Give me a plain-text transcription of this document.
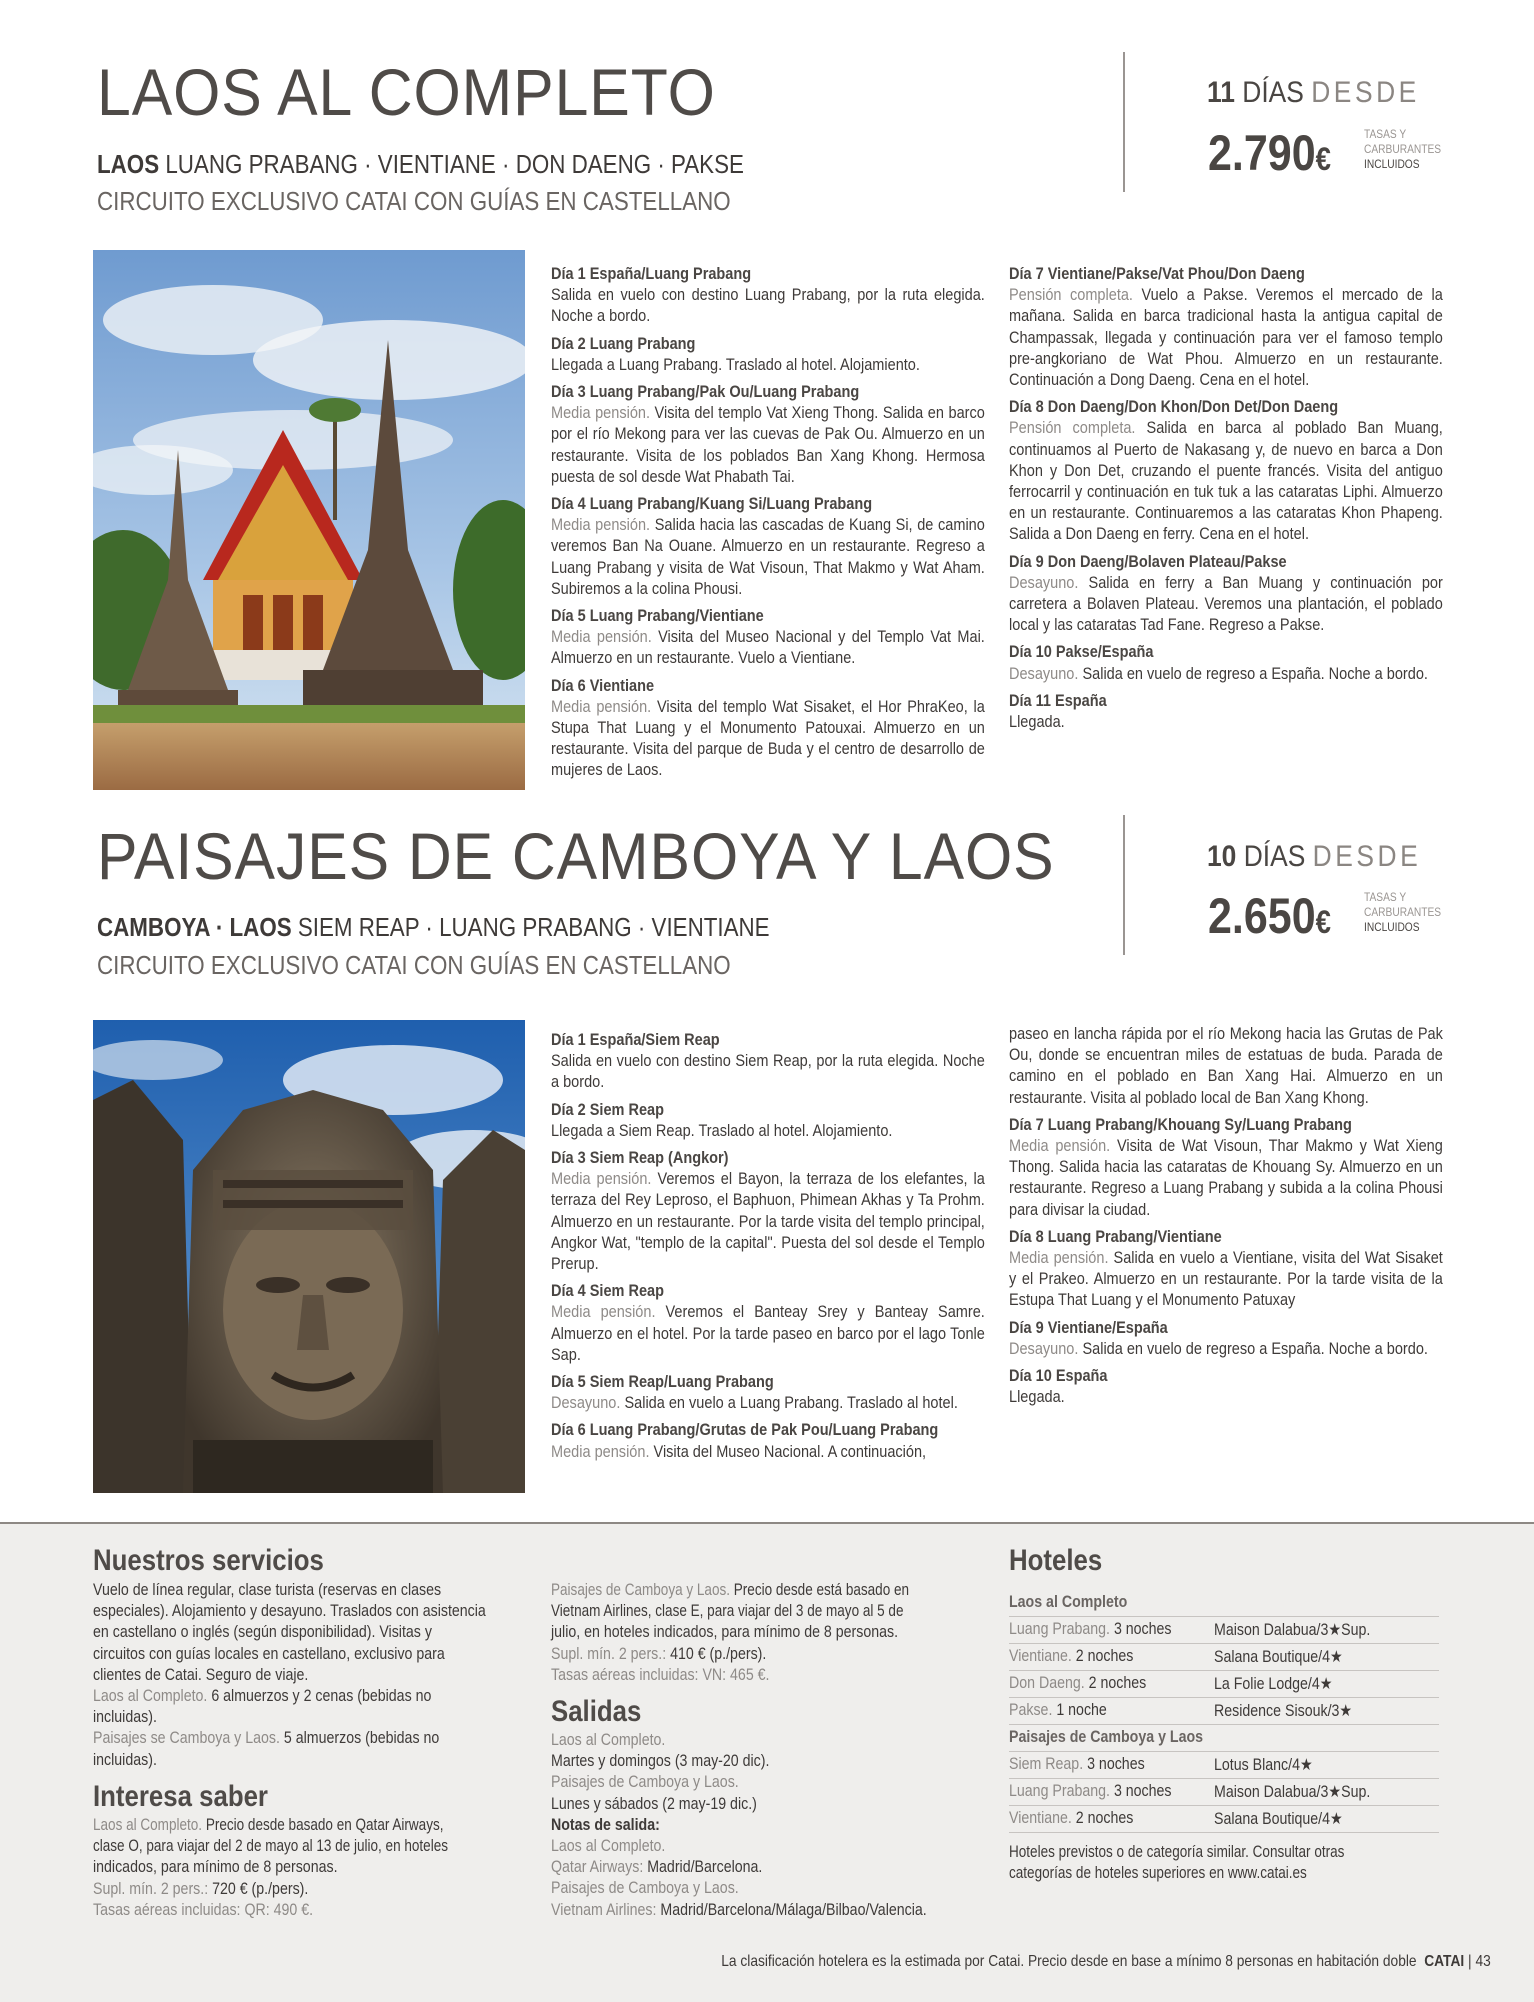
LAOS AL COMPLETO
LAOS LUANG PRABANG · VIENTIANE · DON DAENG · PAKSE
CIRCUITO EXCLUSIVO CATAI CON GUÍAS EN CASTELLANO
11 DÍAS DESDE
2.790€
TASAS Y
CARBURANTES
INCLUIDOS
Día 1 España/Luang Prabang
Salida en vuelo con destino Luang Prabang, por la ruta elegida. Noche a bordo.
Día 2 Luang Prabang
Llegada a Luang Prabang. Traslado al hotel. Alojamiento.
Día 3 Luang Prabang/Pak Ou/Luang Prabang
Media pensión. Visita del templo Vat Xieng Thong. Salida en barco por el río Mekong para ver las cuevas de Pak Ou. Almuerzo en un restaurante. Visita de los poblados Ban Xang Khong. Hermosa puesta de sol desde Wat Phabath Tai.
Día 4 Luang Prabang/Kuang Si/Luang Prabang
Media pensión. Salida hacia las cascadas de Kuang Si, de camino veremos Ban Na Ouane. Almuerzo en un restaurante. Regreso a Luang Prabang y visita de Wat Visoun, That Makmo y Wat Aham. Subiremos a la colina Phousi.
Día 5 Luang Prabang/Vientiane
Media pensión. Visita del Museo Nacional y del Templo Vat Mai. Almuerzo en un restaurante. Vuelo a Vientiane.
Día 6 Vientiane
Media pensión. Visita del templo Wat Sisaket, el Hor PhraKeo, la Stupa That Luang y el Monumento Patouxai. Almuerzo en un restaurante. Visita del parque de Buda y el centro de desarrollo de mujeres de Laos.
Día 7 Vientiane/Pakse/Vat Phou/Don Daeng
Pensión completa. Vuelo a Pakse. Veremos el mercado de la mañana. Salida en barca tradicional hasta la antigua capital de Champassak, llegada y continuación para ver el famoso templo pre-angkoriano de Wat Phou. Almuerzo en un restaurante. Continuación a Dong Daeng. Cena en el hotel.
Día 8 Don Daeng/Don Khon/Don Det/Don Daeng
Pensión completa. Salida en barca al poblado Ban Muang, continuamos al Puerto de Nakasang y, de nuevo en barca a Don Khon y Don Det, cruzando el puente francés. Visita del antiguo ferrocarril y continuación en tuk tuk a las cataratas Liphi. Almuerzo en un restaurante. Continuaremos a las cataratas Khon Phapeng. Salida a Don Daeng en ferry. Cena en el hotel.
Día 9 Don Daeng/Bolaven Plateau/Pakse
Desayuno. Salida en ferry a Ban Muang y continuación por carretera a Bolaven Plateau. Veremos una plantación, el poblado local y las cataratas Tad Fane. Regreso a Pakse.
Día 10 Pakse/España
Desayuno. Salida en vuelo de regreso a España. Noche a bordo.
Día 11 España
Llegada.
PAISAJES DE CAMBOYA Y LAOS
CAMBOYA · LAOS SIEM REAP · LUANG PRABANG · VIENTIANE
CIRCUITO EXCLUSIVO CATAI CON GUÍAS EN CASTELLANO
10 DÍAS DESDE
2.650€
TASAS Y
CARBURANTES
INCLUIDOS
Día 1 España/Siem Reap
Salida en vuelo con destino Siem Reap, por la ruta elegida. Noche a bordo.
Día 2 Siem Reap
Llegada a Siem Reap. Traslado al hotel. Alojamiento.
Día 3 Siem Reap (Angkor)
Media pensión. Veremos el Bayon, la terraza de los elefantes, la terraza del Rey Leproso, el Baphuon, Phimean Akhas y Ta Prohm. Almuerzo en un restaurante. Por la tarde visita del templo principal, Angkor Wat, "templo de la capital". Puesta del sol desde el Templo Prerup.
Día 4 Siem Reap
Media pensión. Veremos el Banteay Srey y Banteay Samre. Almuerzo en el hotel. Por la tarde paseo en barco por el lago Tonle Sap.
Día 5 Siem Reap/Luang Prabang
Desayuno. Salida en vuelo a Luang Prabang. Traslado al hotel.
Día 6 Luang Prabang/Grutas de Pak Pou/Luang Prabang
Media pensión. Visita del Museo Nacional. A continuación,
paseo en lancha rápida por el río Mekong hacia las Grutas de Pak Ou, donde se encuentran miles de estatuas de buda. Parada de camino en el poblado en Ban Xang Hai. Almuerzo en un restaurante. Visita al poblado local de Ban Xang Khong.
Día 7 Luang Prabang/Khouang Sy/Luang Prabang
Media pensión. Visita de Wat Visoun, Thar Makmo y Wat Xieng Thong. Salida hacia las cataratas de Khouang Sy. Almuerzo en un restaurante. Regreso a Luang Prabang y subida a la colina Phousi para divisar la ciudad.
Día 8 Luang Prabang/Vientiane
Media pensión. Salida en vuelo a Vientiane, visita del Wat Sisaket y el Prakeo. Almuerzo en un restaurante. Por la tarde visita de la Estupa That Luang y el Monumento Patuxay
Día 9 Vientiane/España
Desayuno. Salida en vuelo de regreso a España. Noche a bordo.
Día 10 España
Llegada.
Nuestros servicios
Vuelo de línea regular, clase turista (reservas en clases
especiales). Alojamiento y desayuno. Traslados con asistencia
en castellano o inglés (según disponibilidad). Visitas y
circuitos con guías locales en castellano, exclusivo para
clientes de Catai. Seguro de viaje.
Laos al Completo. 6 almuerzos y 2 cenas (bebidas no
incluidas).
Paisajes se Camboya y Laos. 5 almuerzos (bebidas no
incluidas).
Interesa saber
Laos al Completo. Precio desde basado en Qatar Airways,
clase O, para viajar del 2 de mayo al 13 de julio, en hoteles
indicados, para mínimo de 8 personas.
Supl. mín. 2 pers.: 720 € (p./pers).
Tasas aéreas incluidas: QR: 490 €.
Paisajes de Camboya y Laos. Precio desde está basado en
Vietnam Airlines, clase E, para viajar del 3 de mayo al 5 de
julio, en hoteles indicados, para mínimo de 8 personas.
Supl. mín. 2 pers.: 410 € (p./pers).
Tasas aéreas incluidas: VN: 465 €.
Salidas
Laos al Completo.
Martes y domingos (3 may-20 dic).
Paisajes de Camboya y Laos.
Lunes y sábados (2 may-19 dic.)
Notas de salida:
Laos al Completo.
Qatar Airways: Madrid/Barcelona.
Paisajes de Camboya y Laos.
Vietnam Airlines: Madrid/Barcelona/Málaga/Bilbao/Valencia.
Hoteles
Laos al Completo
Luang Prabang. 3 noches	Maison Dalabua/3★Sup.
Vientiane. 2 noches	Salana Boutique/4★
Don Daeng. 2 noches	La Folie Lodge/4★
Pakse. 1 noche	Residence Sisouk/3★
Paisajes de Camboya y Laos
Siem Reap. 3 noches	Lotus Blanc/4★
Luang Prabang. 3 noches	Maison Dalabua/3★Sup.
Vientiane. 2 noches	Salana Boutique/4★
Hoteles previstos o de categoría similar. Consultar otras
categorías de hoteles superiores en www.catai.es
La clasificación hotelera es la estimada por Catai. Precio desde en base a mínimo 8 personas en habitación doble CATAI | 43
